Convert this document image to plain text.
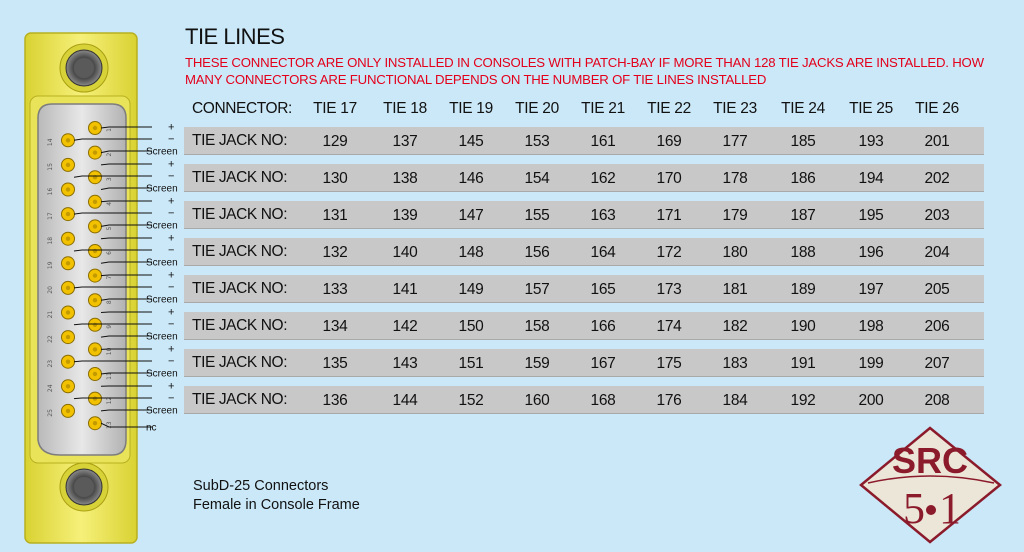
TIE LINES
THESE CONNECTOR ARE ONLY INSTALLED IN CONSOLES WITH PATCH-BAY IF MORE THAN 128 TIE JACKS ARE INSTALLED. HOW MANY CONNECTORS ARE FUNCTIONAL DEPENDS ON THE NUMBER OF TIE LINES INSTALLED
CONNECTOR:	TIE 17	TIE 18	TIE 19	TIE 20	TIE 21	TIE 22	TIE 23	TIE 24	TIE 25	TIE 26
TIE JACK NO:	129	137	145	153	161	169	177	185	193	201
TIE JACK NO:	130	138	146	154	162	170	178	186	194	202
TIE JACK NO:	131	139	147	155	163	171	179	187	195	203
TIE JACK NO:	132	140	148	156	164	172	180	188	196	204
TIE JACK NO:	133	141	149	157	165	173	181	189	197	205
TIE JACK NO:	134	142	150	158	166	174	182	190	198	206
TIE JACK NO:	135	143	151	159	167	175	183	191	199	207
TIE JACK NO:	136	144	152	160	168	176	184	192	200	208
1
2
3
4
5
6
7
8
9
10
11
12
13
14
15
16
17
18
19
20
21
22
23
24
25
+
−
Screen
+
−
Screen
+
−
Screen
+
−
Screen
+
−
Screen
+
−
Screen
+
−
Screen
+
−
Screen
nc
SubD-25 Connectors
Female in Console Frame
SRC
5 1
